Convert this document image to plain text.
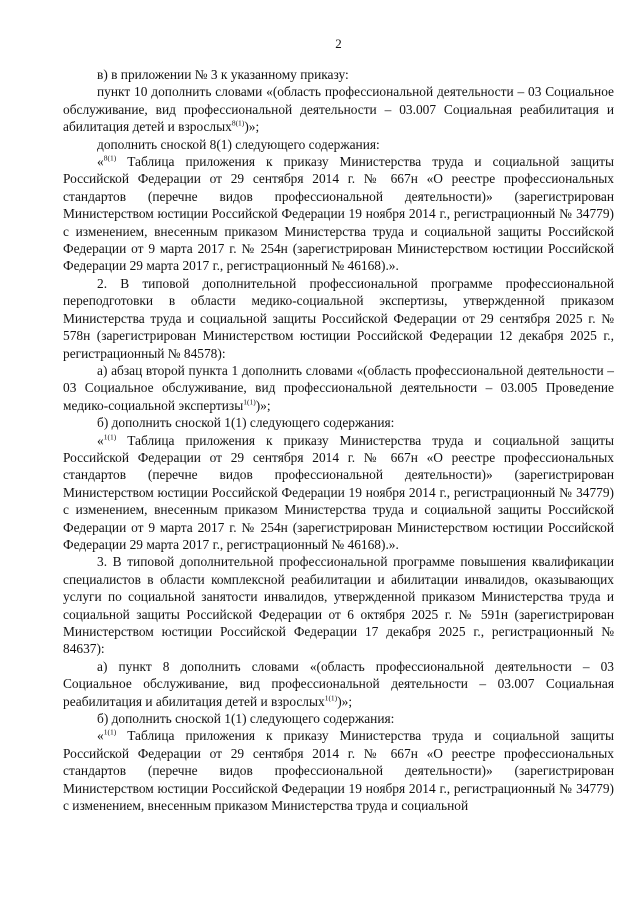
2

в) в приложении № 3 к указанному приказу:

пункт 10 дополнить словами «(область профессиональной деятельности – 03 Социальное обслуживание, вид профессиональной деятельности – 03.007 Социальная реабилитация и абилитация детей и взрослых$^{8(1)}$)»;

дополнить сноской 8(1) следующего содержания:

«$^{8(1)}$ Таблица приложения к приказу Министерства труда и социальной защиты Российской Федерации от 29 сентября 2014 г. № 667н «О реестре профессиональных стандартов (перечне видов профессиональной деятельности)» (зарегистрирован Министерством юстиции Российской Федерации 19 ноября 2014 г., регистрационный № 34779) с изменением, внесенным приказом Министерства труда и социальной защиты Российской Федерации от 9 марта 2017 г. № 254н (зарегистрирован Министерством юстиции Российской Федерации 29 марта 2017 г., регистрационный № 46168).».

2. В типовой дополнительной профессиональной программе профессиональной переподготовки в области медико-социальной экспертизы, утвержденной приказом Министерства труда и социальной защиты Российской Федерации от 29 сентября 2025 г. № 578н (зарегистрирован Министерством юстиции Российской Федерации 12 декабря 2025 г., регистрационный № 84578):

а) абзац второй пункта 1 дополнить словами «(область профессиональной деятельности – 03 Социальное обслуживание, вид профессиональной деятельности – 03.005 Проведение медико-социальной экспертизы$^{1(1)}$)»;

б) дополнить сноской 1(1) следующего содержания:

«$^{1(1)}$ Таблица приложения к приказу Министерства труда и социальной защиты Российской Федерации от 29 сентября 2014 г. № 667н «О реестре профессиональных стандартов (перечне видов профессиональной деятельности)» (зарегистрирован Министерством юстиции Российской Федерации 19 ноября 2014 г., регистрационный № 34779) с изменением, внесенным приказом Министерства труда и социальной защиты Российской Федерации от 9 марта 2017 г. № 254н (зарегистрирован Министерством юстиции Российской Федерации 29 марта 2017 г., регистрационный № 46168).».

3. В типовой дополнительной профессиональной программе повышения квалификации специалистов в области комплексной реабилитации и абилитации инвалидов, оказывающих услуги по социальной занятости инвалидов, утвержденной приказом Министерства труда и социальной защиты Российской Федерации от 6 октября 2025 г. № 591н (зарегистрирован Министерством юстиции Российской Федерации 17 декабря 2025 г., регистрационный № 84637):

а) пункт 8 дополнить словами «(область профессиональной деятельности – 03 Социальное обслуживание, вид профессиональной деятельности – 03.007 Социальная реабилитация и абилитация детей и взрослых$^{1(1)}$)»;

б) дополнить сноской 1(1) следующего содержания:

«$^{1(1)}$ Таблица приложения к приказу Министерства труда и социальной защиты Российской Федерации от 29 сентября 2014 г. № 667н «О реестре профессиональных стандартов (перечне видов профессиональной деятельности)» (зарегистрирован Министерством юстиции Российской Федерации 19 ноября 2014 г., регистрационный № 34779) с изменением, внесенным приказом Министерства труда и социальной
